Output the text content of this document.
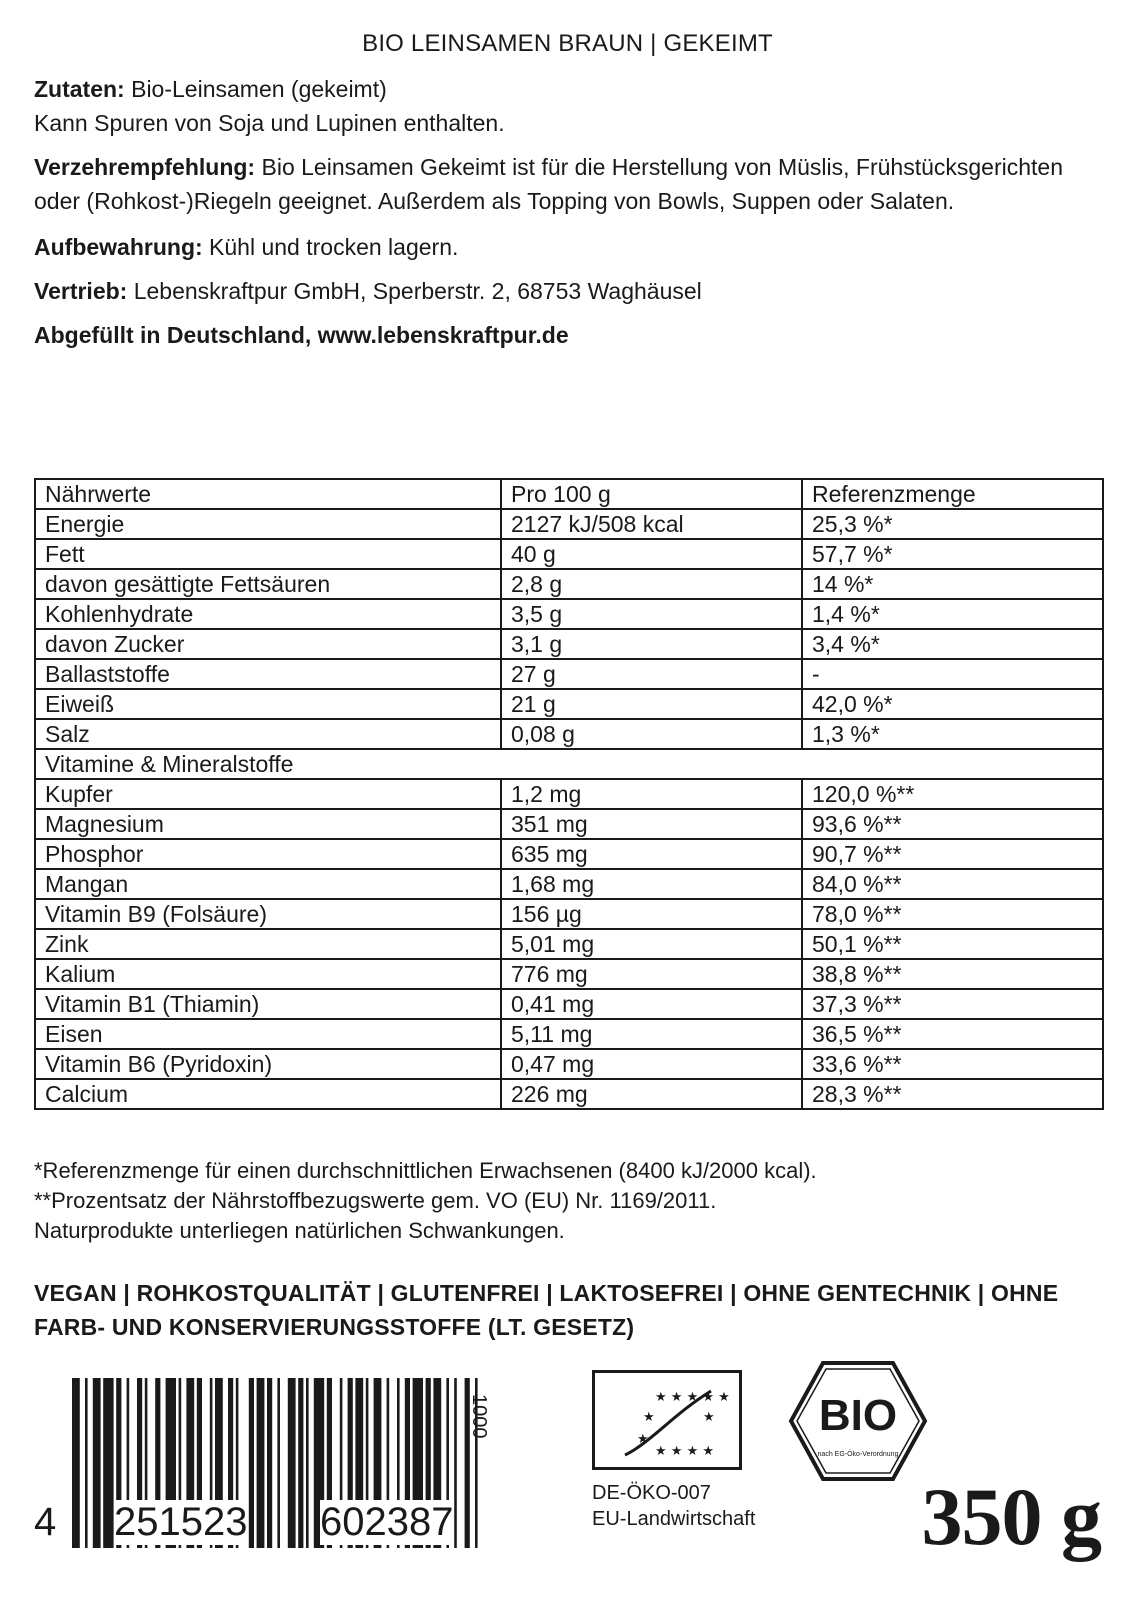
BIO LEINSAMEN BRAUN | GEKEIMT
Zutaten: Bio-Leinsamen (gekeimt)
Kann Spuren von Soja und Lupinen enthalten.
Verzehrempfehlung: Bio Leinsamen Gekeimt ist für die Herstellung von Müslis, Frühstücksgerichten oder (Rohkost-)Riegeln geeignet. Außerdem als Topping von Bowls, Suppen oder Salaten.
Aufbewahrung: Kühl und trocken lagern.
Vertrieb: Lebenskraftpur GmbH, Sperberstr. 2, 68753 Waghäusel
Abgefüllt in Deutschland, www.lebenskraftpur.de
Nährwerte	Pro 100 g	Referenzmenge
Energie	2127 kJ/508 kcal	25,3 %*
Fett	40 g	57,7 %*
davon gesättigte Fettsäuren	2,8 g	14 %*
Kohlenhydrate	3,5 g	1,4 %*
davon Zucker	3,1 g	3,4 %*
Ballaststoffe	27 g	-
Eiweiß	21 g	42,0 %*
Salz	0,08 g	1,3 %*
Vitamine & Mineralstoffe		
Kupfer	1,2 mg	120,0 %**
Magnesium	351 mg	93,6 %**
Phosphor	635 mg	90,7 %**
Mangan	1,68 mg	84,0 %**
Vitamin B9 (Folsäure)	156 µg	78,0 %**
Zink	5,01 mg	50,1 %**
Kalium	776 mg	38,8 %**
Vitamin B1 (Thiamin)	0,41 mg	37,3 %**
Eisen	5,11 mg	36,5 %**
Vitamin B6 (Pyridoxin)	0,47 mg	33,6 %**
Calcium	226 mg	28,3 %**
*Referenzmenge für einen durchschnittlichen Erwachsenen (8400 kJ/2000 kcal).
**Prozentsatz der Nährstoffbezugswerte gem. VO (EU) Nr. 1169/2011.
Naturprodukte unterliegen natürlichen Schwankungen.
VEGAN | ROHKOSTQUALITÄT | GLUTENFREI | LAKTOSEFREI | OHNE GENTECHNIK | OHNE FARB- UND KONSERVIERUNGSSTOFFE (LT. GESETZ)
4 251523 602387
1000	★ ★ ★ ★ ★
★	★
★
★ ★ ★ ★
DE-ÖKO-007
EU-Landwirtschaft
BIO
nach EG-Öko-Verordnung
350 g
